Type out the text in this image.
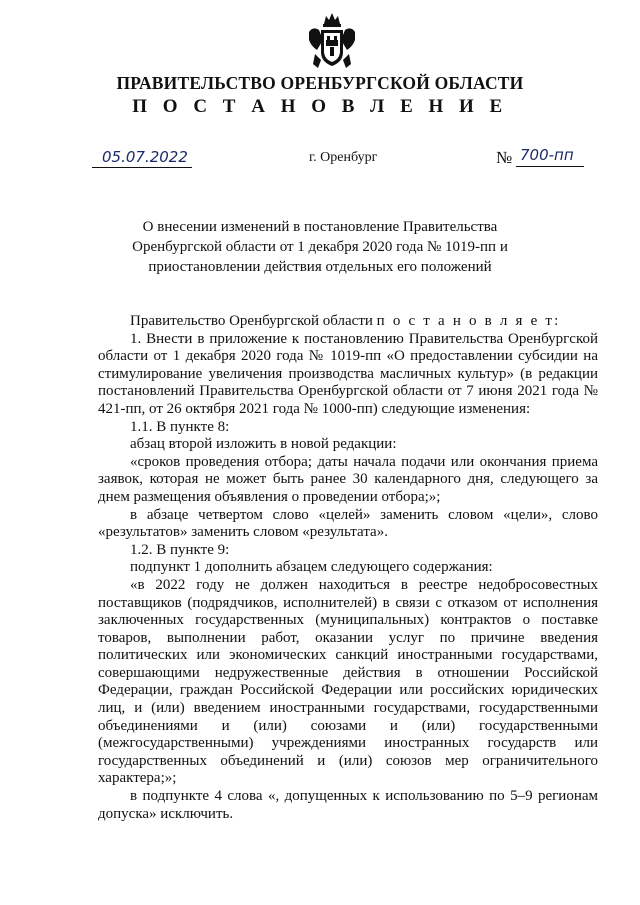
ПРАВИТЕЛЬСТВО ОРЕНБУРГСКОЙ ОБЛАСТИ
П О С Т А Н О В Л Е Н И Е
05.07.2022	г. Оренбург	№ 700-пп
О внесении изменений в постановление Правительства Оренбургской области от 1 декабря 2020 года № 1019-пп и приостановлении действия отдельных его положений

Правительство Оренбургской области п о с т а н о в л я е т:

1. Внести в приложение к постановлению Правительства Оренбургской области от 1 декабря 2020 года № 1019-пп «О предоставлении субсидии на стимулирование увеличения производства масличных культур» (в редакции постановлений Правительства Оренбургской области от 7 июня 2021 года № 421-пп, от 26 октября 2021 года № 1000-пп) следующие изменения:

1.1. В пункте 8:

абзац второй изложить в новой редакции:

«сроков проведения отбора; даты начала подачи или окончания приема заявок, которая не может быть ранее 30 календарного дня, следующего за днем размещения объявления о проведении отбора;»;

в абзаце четвертом слово «целей» заменить словом «цели», слово «результатов» заменить словом «результата».

1.2. В пункте 9:

подпункт 1 дополнить абзацем следующего содержания:

«в 2022 году не должен находиться в реестре недобросовестных поставщиков (подрядчиков, исполнителей) в связи с отказом от исполнения заключенных государственных (муниципальных) контрактов о поставке товаров, выполнении работ, оказании услуг по причине введения политических или экономических санкций иностранными государствами, совершающими недружественные действия в отношении Российской Федерации, граждан Российской Федерации или российских юридических лиц, и (или) введением иностранными государствами, государственными объединениями и (или) союзами и (или) государственными (межгосударственными) учреждениями иностранных государств или государственных объединений и (или) союзов мер ограничительного характера;»;

в подпункте 4 слова «, допущенных к использованию по 5–9 регионам допуска» исключить.
